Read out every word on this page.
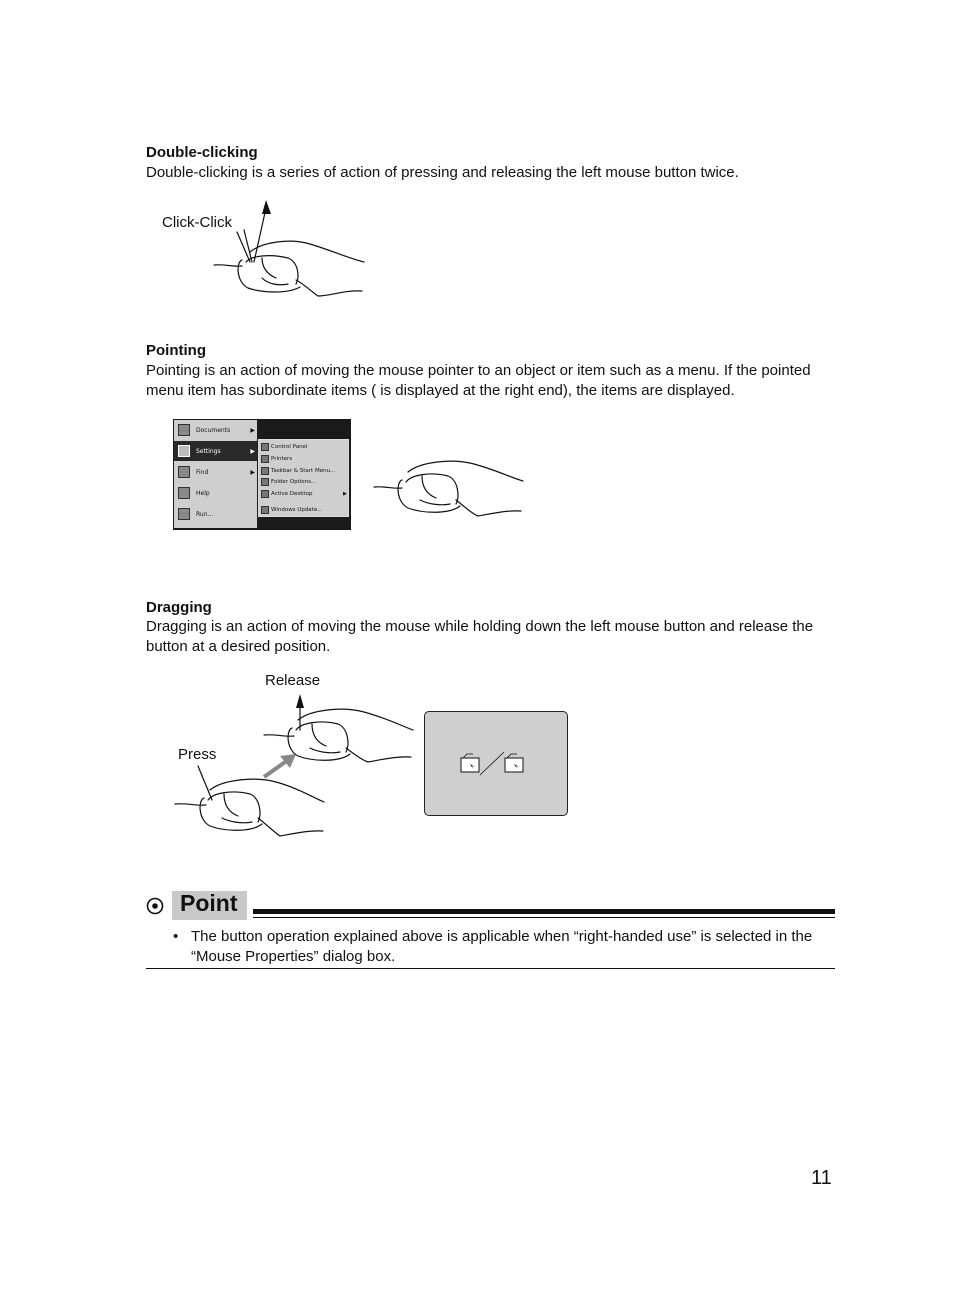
Double-clicking
Double-clicking is a series of action of pressing and releasing the left mouse button twice.
Click-Click
Pointing
Pointing is an action of moving the mouse pointer to an object or item such as a menu. If the pointed
menu item has subordinate items ( is displayed at the right end), the items are displayed.
Documents	▶
Settings	▶
Find	▶
Help
Run...
Control Panel
Printers
Taskbar & Start Menu...
Folder Options...
Active Desktop	▶
Windows Update...
Dragging
Dragging is an action of moving the mouse while holding down the left mouse button and release the
button at a desired position.
Release
Press
Point
• The button operation explained above is applicable when “right-handed use” is selected in the
“Mouse Properties” dialog box.
11
